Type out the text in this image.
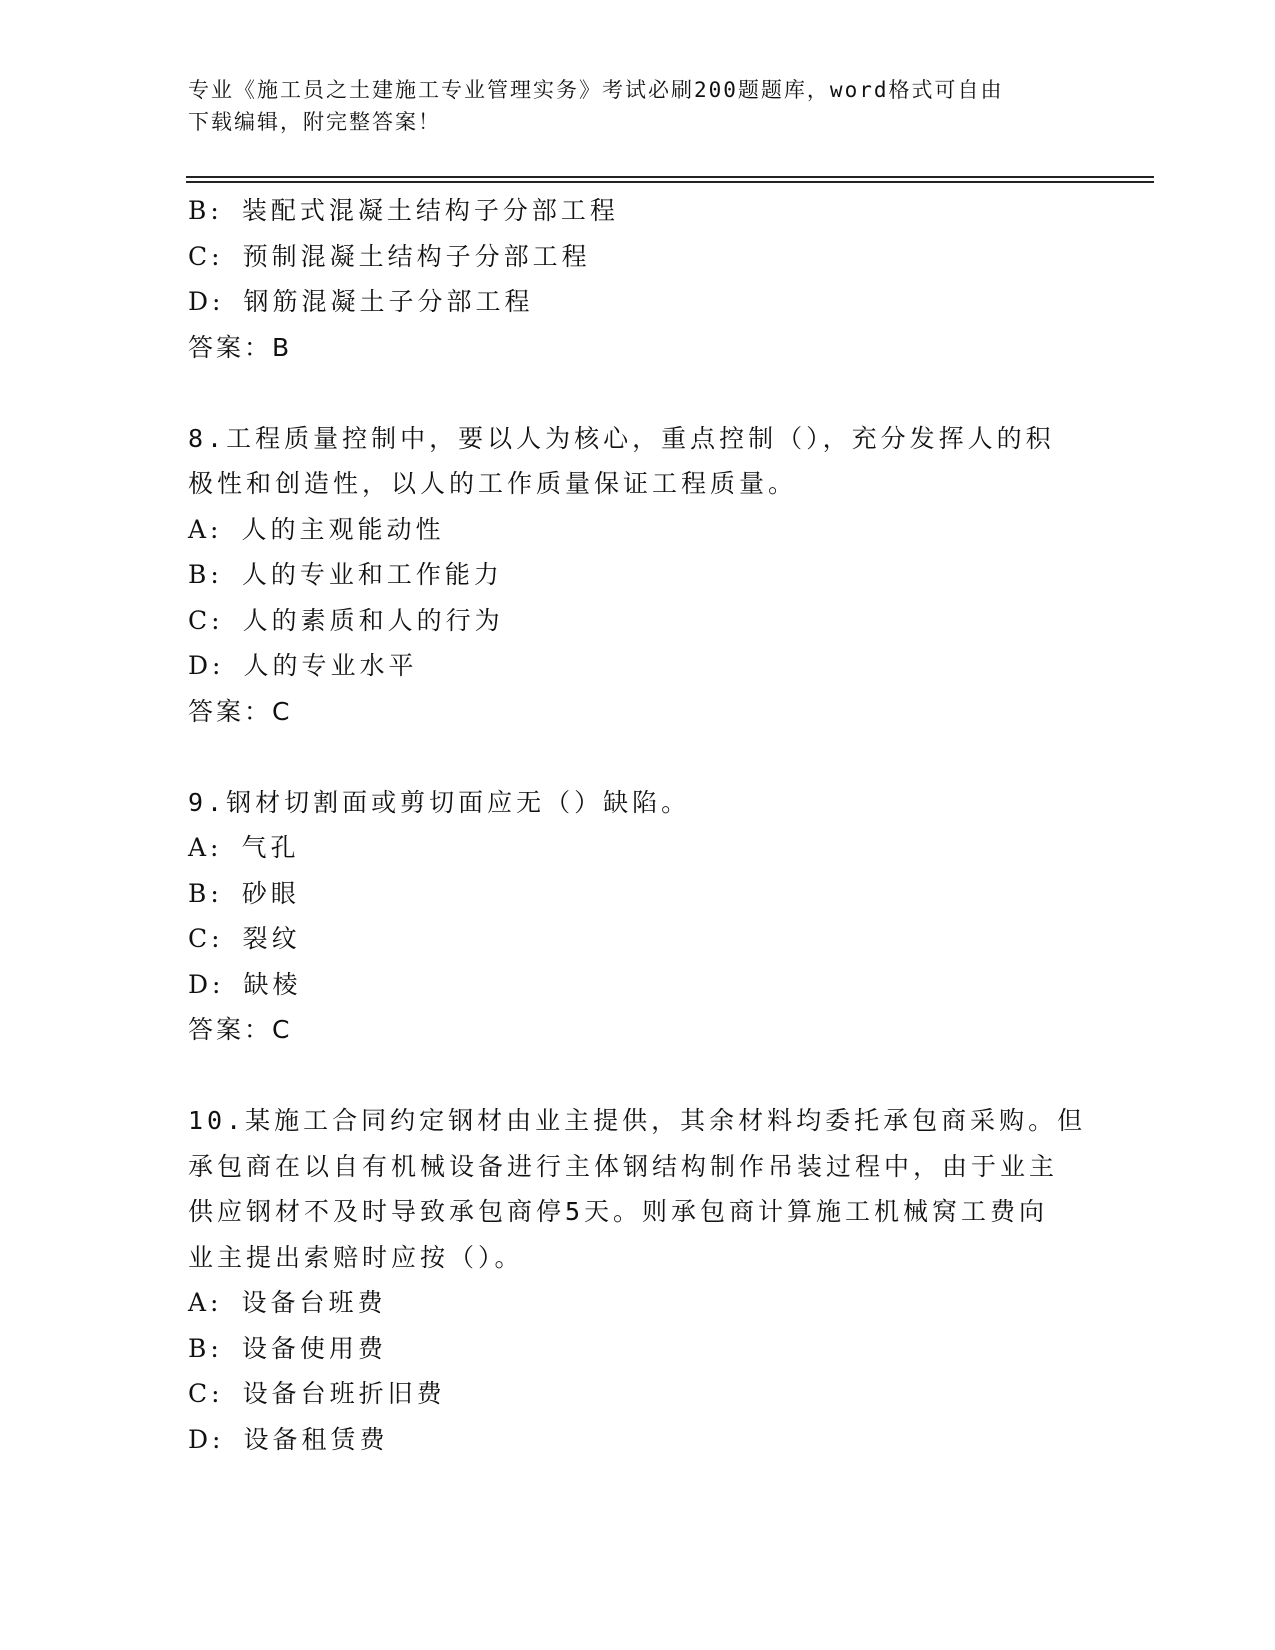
专业《施工员之土建施工专业管理实务》考试必刷200题题库，word格式可自由
下载编辑，附完整答案！
B: 装配式混凝土结构子分部工程
C: 预制混凝土结构子分部工程
D: 钢筋混凝土子分部工程
答案：B
8.工程质量控制中，要以人为核心，重点控制（），充分发挥人的积
极性和创造性，以人的工作质量保证工程质量。
A: 人的主观能动性
B: 人的专业和工作能力
C: 人的素质和人的行为
D: 人的专业水平
答案：C
9.钢材切割面或剪切面应无（）缺陷。
A: 气孔
B: 砂眼
C: 裂纹
D: 缺棱
答案：C
10.某施工合同约定钢材由业主提供，其余材料均委托承包商采购。但
承包商在以自有机械设备进行主体钢结构制作吊装过程中，由于业主
供应钢材不及时导致承包商停5天。则承包商计算施工机械窝工费向
业主提出索赔时应按（）。
A: 设备台班费
B: 设备使用费
C: 设备台班折旧费
D: 设备租赁费
